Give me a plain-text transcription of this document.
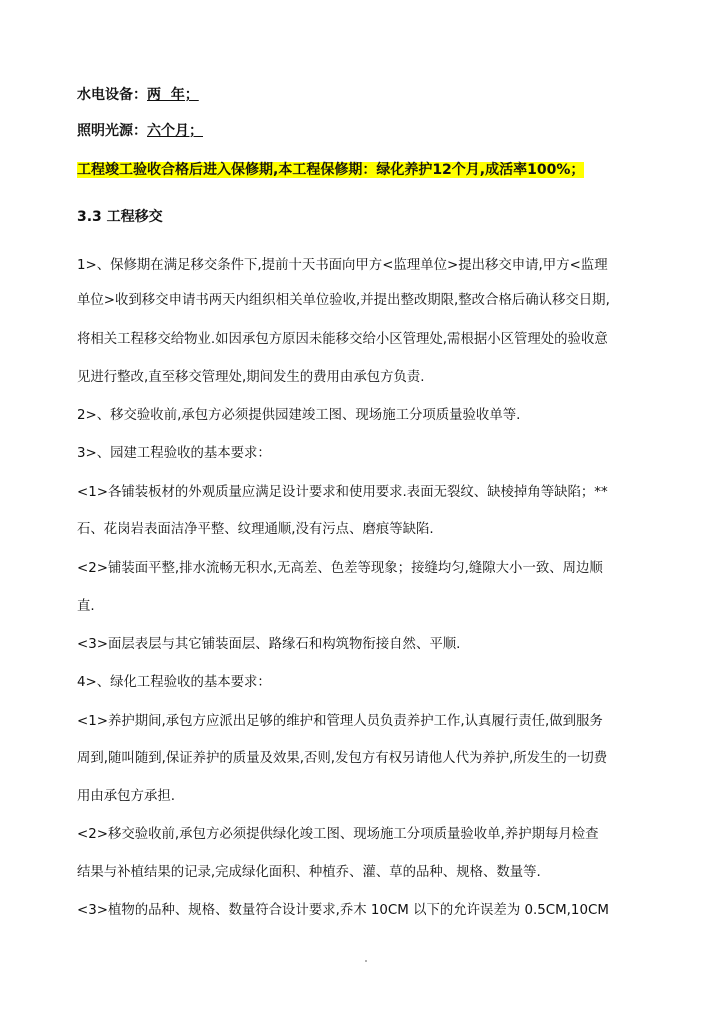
水电设备：两  年；
照明光源：六个月；
工程竣工验收合格后进入保修期,本工程保修期：绿化养护12个月,成活率100%；
3.3 工程移交
1>、保修期在满足移交条件下,提前十天书面向甲方<监理单位>提出移交申请,甲方<监理
单位>收到移交申请书两天内组织相关单位验收,并提出整改期限,整改合格后确认移交日期,
将相关工程移交给物业.如因承包方原因未能移交给小区管理处,需根据小区管理处的验收意
见进行整改,直至移交管理处,期间发生的费用由承包方负责.
2>、移交验收前,承包方必须提供园建竣工图、现场施工分项质量验收单等.
3>、园建工程验收的基本要求：
<1>各铺装板材的外观质量应满足设计要求和使用要求.表面无裂纹、缺棱掉角等缺陷；**
石、花岗岩表面洁净平整、纹理通顺,没有污点、磨痕等缺陷.
<2>铺装面平整,排水流畅无积水,无高差、色差等现象；接缝均匀,缝隙大小一致、周边顺
直.
<3>面层表层与其它铺装面层、路缘石和构筑物衔接自然、平顺.
4>、绿化工程验收的基本要求：
<1>养护期间,承包方应派出足够的维护和管理人员负责养护工作,认真履行责任,做到服务
周到,随叫随到,保证养护的质量及效果,否则,发包方有权另请他人代为养护,所发生的一切费
用由承包方承担.
<2>移交验收前,承包方必须提供绿化竣工图、现场施工分项质量验收单,养护期每月检查
结果与补植结果的记录,完成绿化面积、种植乔、灌、草的品种、规格、数量等.
<3>植物的品种、规格、数量符合设计要求,乔木 10CM 以下的允许误差为 0.5CM,10CM
